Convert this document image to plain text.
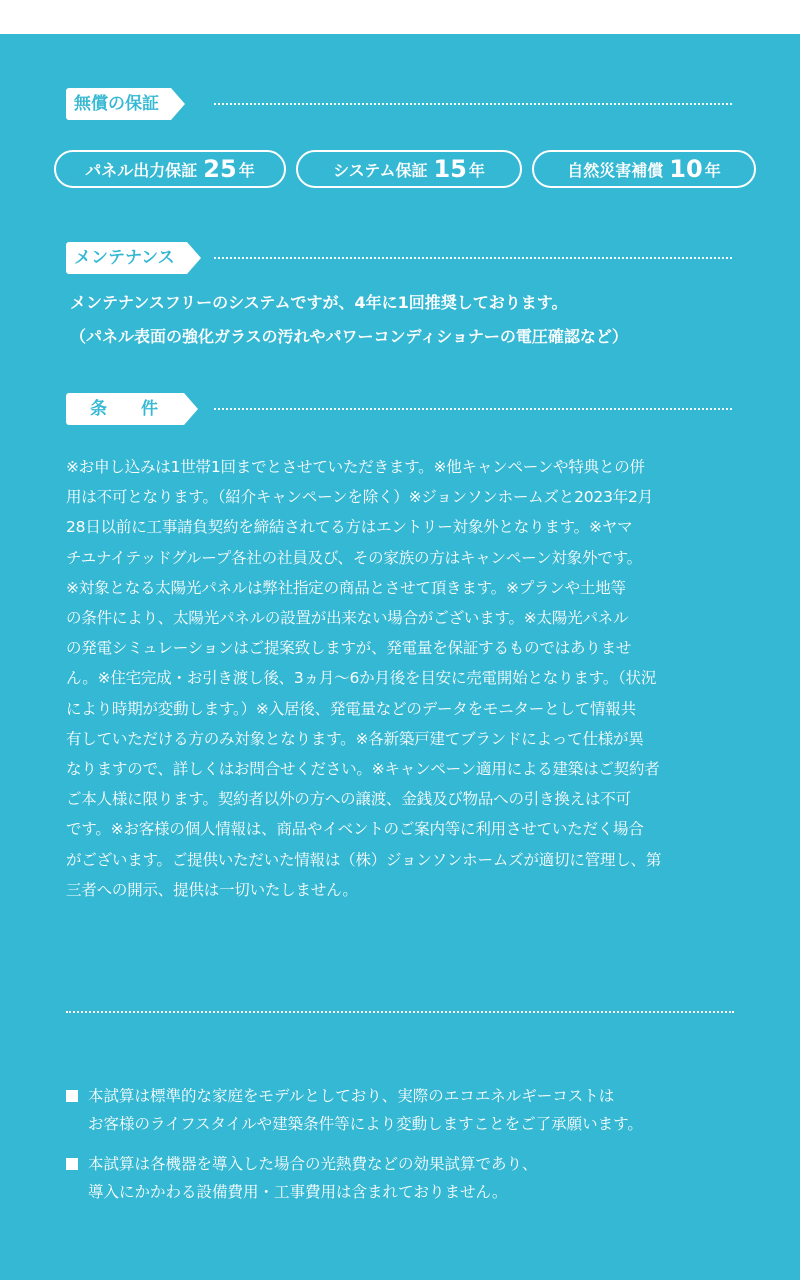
無償の保証
パネル出力保証 25 年	システム保証 15 年	自然災害補償 10 年
メンテナンス
メンテナンスフリーのシステムですが、4年に1回推奨しております。
（パネル表面の強化ガラスの汚れやパワーコンディショナーの電圧確認など）
条　　件
※お申し込みは1世帯1回までとさせていただきます。※他キャンペーンや特典との併
用は不可となります。（紹介キャンペーンを除く）※ジョンソンホームズと2023年2月
28日以前に工事請負契約を締結されてる方はエントリー対象外となります。※ヤマ
チユナイテッドグループ各社の社員及び、その家族の方はキャンペーン対象外です。
※対象となる太陽光パネルは弊社指定の商品とさせて頂きます。※プランや土地等
の条件により、太陽光パネルの設置が出来ない場合がございます。※太陽光パネル
の発電シミュレーションはご提案致しますが、発電量を保証するものではありませ
ん。※住宅完成・お引き渡し後、3ヵ月〜6か月後を目安に売電開始となります。（状況
により時期が変動します。）※入居後、発電量などのデータをモニターとして情報共
有していただける方のみ対象となります。※各新築戸建てブランドによって仕様が異
なりますので、詳しくはお問合せください。※キャンペーン適用による建築はご契約者
ご本人様に限ります。契約者以外の方への譲渡、金銭及び物品への引き換えは不可
です。※お客様の個人情報は、商品やイベントのご案内等に利用させていただく場合
がございます。ご提供いただいた情報は（株）ジョンソンホームズが適切に管理し、第
三者への開示、提供は一切いたしません。
本試算は標準的な家庭をモデルとしており、実際のエコエネルギーコストは
お客様のライフスタイルや建築条件等により変動しますことをご了承願います。
本試算は各機器を導入した場合の光熱費などの効果試算であり、
導入にかかわる設備費用・工事費用は含まれておりません。
